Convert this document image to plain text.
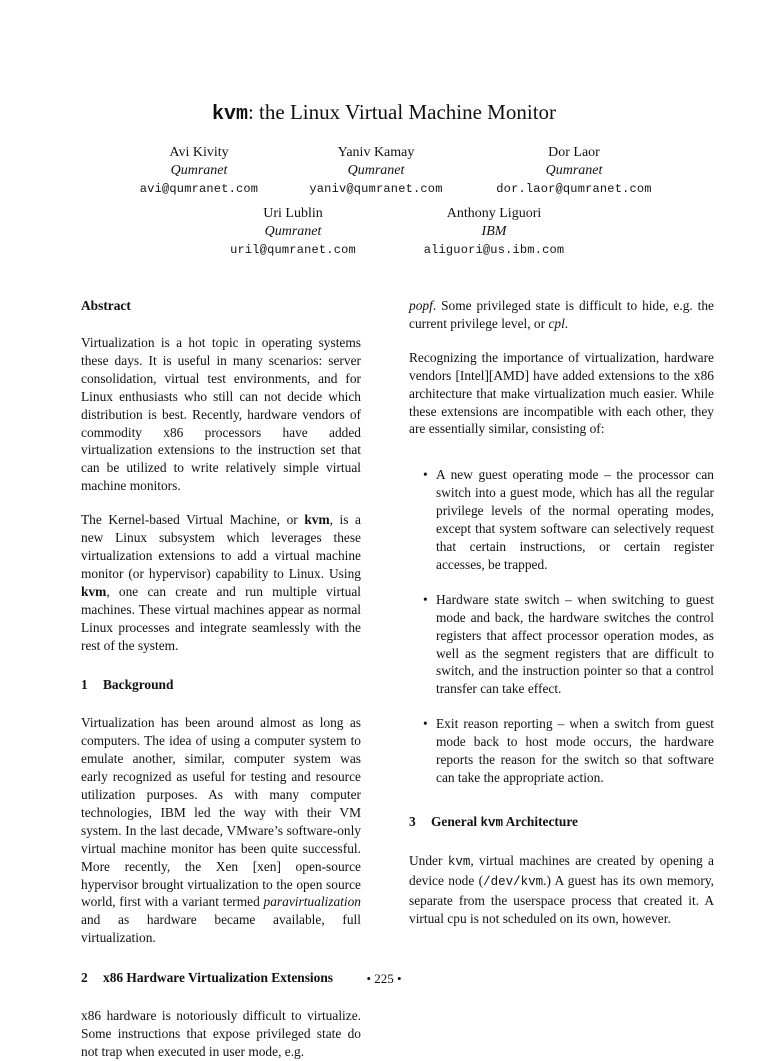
kvm: the Linux Virtual Machine Monitor
Avi Kivity
Qumranet
avi@qumranet.com
Yaniv Kamay
Qumranet
yaniv@qumranet.com
Dor Laor
Qumranet
dor.laor@qumranet.com
Uri Lublin
Qumranet
uril@qumranet.com
Anthony Liguori
IBM
aliguori@us.ibm.com
Abstract

Virtualization is a hot topic in operating systems these days. It is useful in many scenarios: server consolidation, virtual test environments, and for Linux enthusiasts who still can not decide which distribution is best. Recently, hardware vendors of commodity x86 processors have added virtualization extensions to the instruction set that can be utilized to write relatively simple virtual machine monitors.

The Kernel-based Virtual Machine, or kvm, is a new Linux subsystem which leverages these virtualization extensions to add a virtual machine monitor (or hypervisor) capability to Linux. Using kvm, one can create and run multiple virtual machines. These virtual machines appear as normal Linux processes and integrate seamlessly with the rest of the system.

1 Background

Virtualization has been around almost as long as computers. The idea of using a computer system to emulate another, similar, computer system was early recognized as useful for testing and resource utilization purposes. As with many computer technologies, IBM led the way with their VM system. In the last decade, VMware’s software-only virtual machine monitor has been quite successful. More recently, the Xen [xen] open-source hypervisor brought virtualization to the open source world, first with a variant termed paravirtualization and as hardware became available, full virtualization.

2 x86 Hardware Virtualization Extensions

x86 hardware is notoriously difficult to virtualize. Some instructions that expose privileged state do not trap when executed in user mode, e.g.

popf. Some privileged state is difficult to hide, e.g. the current privilege level, or cpl.

Recognizing the importance of virtualization, hardware vendors [Intel][AMD] have added extensions to the x86 architecture that make virtualization much easier. While these extensions are incompatible with each other, they are essentially similar, consisting of:

• A new guest operating mode – the processor can switch into a guest mode, which has all the regular privilege levels of the normal operating modes, except that system software can selectively request that certain instructions, or certain register accesses, be trapped.
• Hardware state switch – when switching to guest mode and back, the hardware switches the control registers that affect processor operation modes, as well as the segment registers that are difficult to switch, and the instruction pointer so that a control transfer can take effect.
• Exit reason reporting – when a switch from guest mode back to host mode occurs, the hardware reports the reason for the switch so that software can take the appropriate action.
3 General kvm Architecture

Under kvm, virtual machines are created by opening a device node (/dev/kvm.) A guest has its own memory, separate from the userspace process that created it. A virtual cpu is not scheduled on its own, however.

• 225 •
